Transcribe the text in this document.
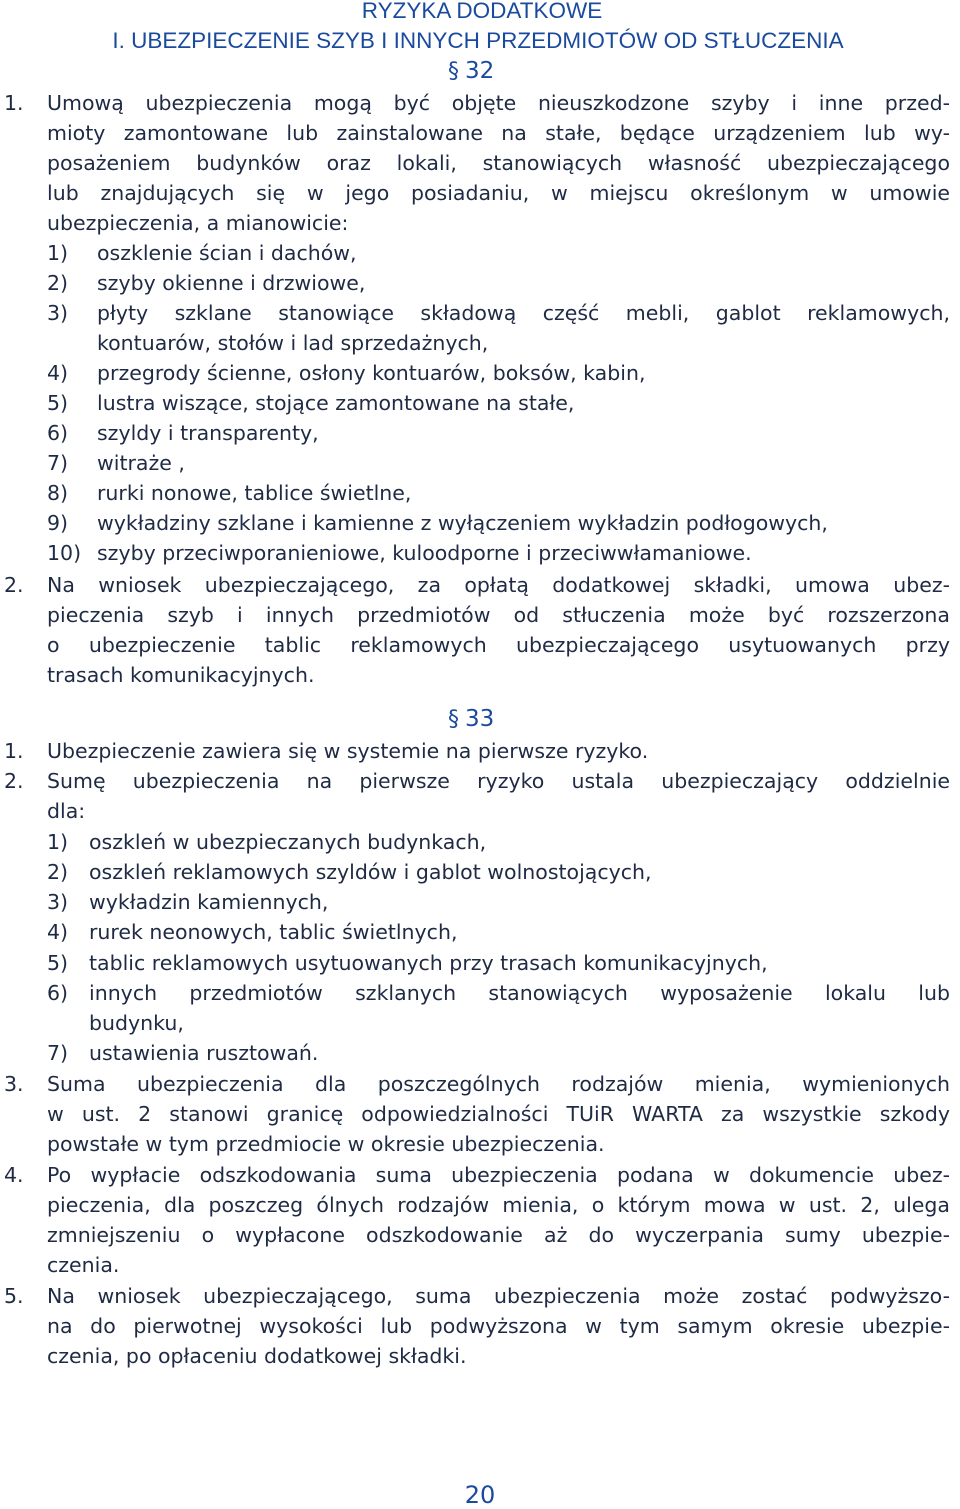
RYZYKA DODATKOWE
I. UBEZPIECZENIE SZYB I INNYCH PRZEDMIOTÓW OD STŁUCZENIA
§ 32
1. Umową ubezpieczenia mogą być objęte nieuszkodzone szyby i inne przed-
mioty zamontowane lub zainstalowane na stałe, będące urządzeniem lub wy-
posażeniem budynków oraz lokali, stanowiących własność ubezpieczającego
lub znajdujących się w jego posiadaniu, w miejscu określonym w umowie
ubezpieczenia, a mianowicie:
1) oszklenie ścian i dachów,
2) szyby okienne i drzwiowe,
3) płyty szklane stanowiące składową część mebli, gablot reklamowych,
kontuarów, stołów i lad sprzedażnych,
4) przegrody ścienne, osłony kontuarów, boksów, kabin,
5) lustra wiszące, stojące zamontowane na stałe,
6) szyldy i transparenty,
7) witraże ,
8) rurki nonowe, tablice świetlne,
9) wykładziny szklane i kamienne z wyłączeniem wykładzin podłogowych,
10) szyby przeciwporanieniowe, kuloodporne i przeciwwłamaniowe.
2. Na wniosek ubezpieczającego, za opłatą dodatkowej składki, umowa ubez-
pieczenia szyb i innych przedmiotów od stłuczenia może być rozszerzona
o ubezpieczenie tablic reklamowych ubezpieczającego usytuowanych przy
trasach komunikacyjnych.
§ 33
1. Ubezpieczenie zawiera się w systemie na pierwsze ryzyko.
2. Sumę ubezpieczenia na pierwsze ryzyko ustala ubezpieczający oddzielnie
dla:
1) oszkleń w ubezpieczanych budynkach,
2) oszkleń reklamowych szyldów i gablot wolnostojących,
3) wykładzin kamiennych,
4) rurek neonowych, tablic świetlnych,
5) tablic reklamowych usytuowanych przy trasach komunikacyjnych,
6) innych przedmiotów szklanych stanowiących wyposażenie lokalu lub
budynku,
7) ustawienia rusztowań.
3. Suma ubezpieczenia dla poszczególnych rodzajów mienia, wymienionych
w ust. 2 stanowi granicę odpowiedzialności TUiR WARTA za wszystkie szkody
powstałe w tym przedmiocie w okresie ubezpieczenia.
4. Po wypłacie odszkodowania suma ubezpieczenia podana w dokumencie ubez-
pieczenia, dla poszczeg ólnych rodzajów mienia, o którym mowa w ust. 2, ulega
zmniejszeniu o wypłacone odszkodowanie aż do wyczerpania sumy ubezpie-
czenia.
5. Na wniosek ubezpieczającego, suma ubezpieczenia może zostać podwyższo-
na do pierwotnej wysokości lub podwyższona w tym samym okresie ubezpie-
czenia, po opłaceniu dodatkowej składki.
20
